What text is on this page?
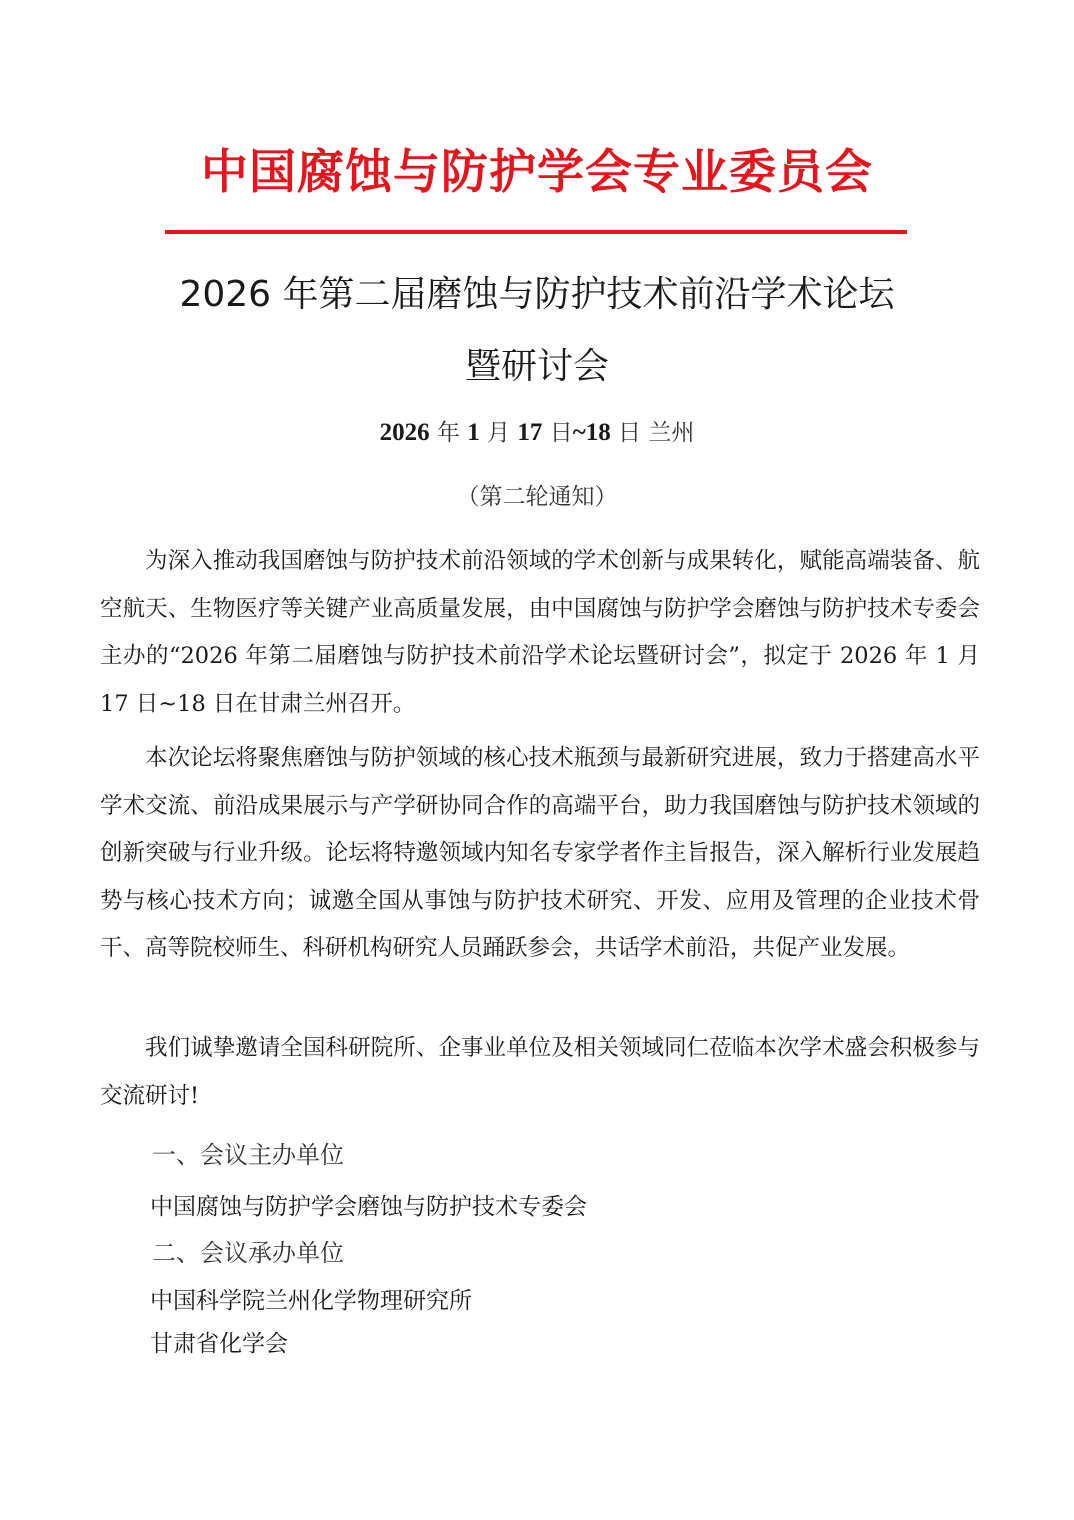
中国腐蚀与防护学会专业委员会
2026 年第二届磨蚀与防护技术前沿学术论坛
暨研讨会
2026 年 1 月 17 日~18 日 兰州
（第二轮通知）

为深入推动我国磨蚀与防护技术前沿领域的学术创新与成果转化，赋能高端装备、航空航天、生物医疗等关键产业高质量发展，由中国腐蚀与防护学会磨蚀与防护技术专委会主办的“2026 年第二届磨蚀与防护技术前沿学术论坛暨研讨会”，拟定于 2026 年 1 月 17 日~18 日在甘肃兰州召开。

本次论坛将聚焦磨蚀与防护领域的核心技术瓶颈与最新研究进展，致力于搭建高水平学术交流、前沿成果展示与产学研协同合作的高端平台，助力我国磨蚀与防护技术领域的创新突破与行业升级。论坛将特邀领域内知名专家学者作主旨报告，深入解析行业发展趋势与核心技术方向；诚邀全国从事蚀与防护技术研究、开发、应用及管理的企业技术骨干、高等院校师生、科研机构研究人员踊跃参会，共话学术前沿，共促产业发展。

我们诚挚邀请全国科研院所、企事业单位及相关领域同仁莅临本次学术盛会积极参与交流研讨!

一、会议主办单位
中国腐蚀与防护学会磨蚀与防护技术专委会
二、会议承办单位
中国科学院兰州化学物理研究所
甘肃省化学会
